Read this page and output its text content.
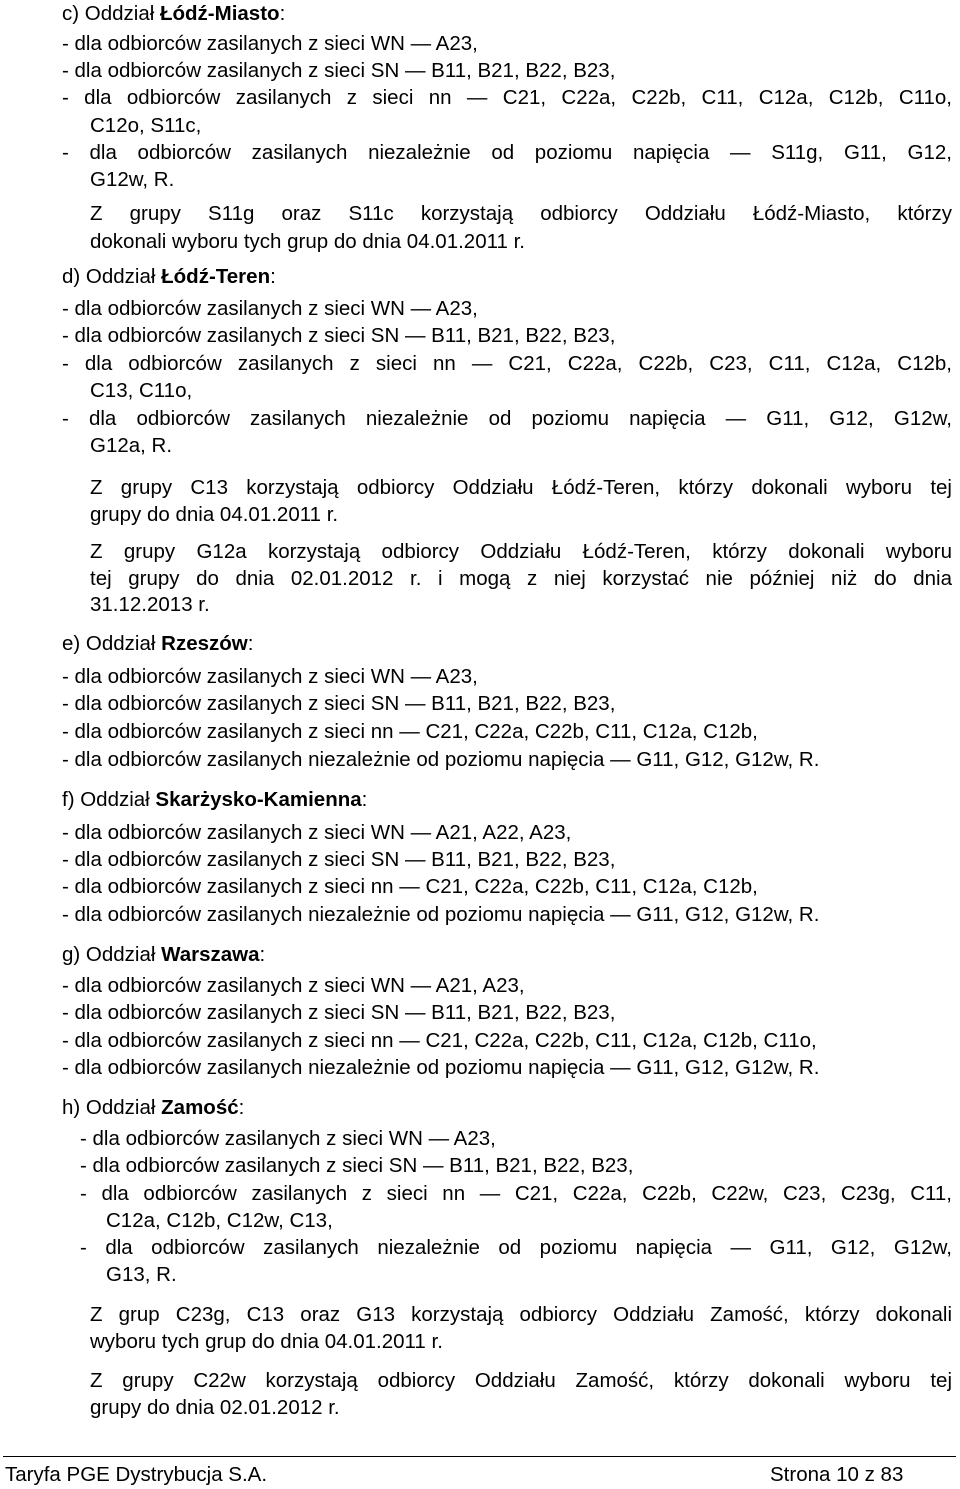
c) Oddział Łódź-Miasto:
- dla odbiorców zasilanych z sieci WN — A23,
- dla odbiorców zasilanych z sieci SN — B11, B21, B22, B23,
- dla odbiorców zasilanych z sieci nn — C21, C22a, C22b, C11, C12a, C12b, C11o,
C12o, S11c,
- dla odbiorców zasilanych niezależnie od poziomu napięcia — S11g, G11, G12,
G12w, R.
Z grupy S11g oraz S11c korzystają odbiorcy Oddziału Łódź-Miasto, którzy
dokonali wyboru tych grup do dnia 04.01.2011 r.
d) Oddział Łódź-Teren:
- dla odbiorców zasilanych z sieci WN — A23,
- dla odbiorców zasilanych z sieci SN — B11, B21, B22, B23,
- dla odbiorców zasilanych z sieci nn — C21, C22a, C22b, C23, C11, C12a, C12b,
C13, C11o,
- dla odbiorców zasilanych niezależnie od poziomu napięcia — G11, G12, G12w,
G12a, R.
Z grupy C13 korzystają odbiorcy Oddziału Łódź-Teren, którzy dokonali wyboru tej
grupy do dnia 04.01.2011 r.
Z grupy G12a korzystają odbiorcy Oddziału Łódź-Teren, którzy dokonali wyboru
tej grupy do dnia 02.01.2012 r. i mogą z niej korzystać nie później niż do dnia
31.12.2013 r.
e) Oddział Rzeszów:
- dla odbiorców zasilanych z sieci WN — A23,
- dla odbiorców zasilanych z sieci SN — B11, B21, B22, B23,
- dla odbiorców zasilanych z sieci nn — C21, C22a, C22b, C11, C12a, C12b,
- dla odbiorców zasilanych niezależnie od poziomu napięcia — G11, G12, G12w, R.
f) Oddział Skarżysko-Kamienna:
- dla odbiorców zasilanych z sieci WN — A21, A22, A23,
- dla odbiorców zasilanych z sieci SN — B11, B21, B22, B23,
- dla odbiorców zasilanych z sieci nn — C21, C22a, C22b, C11, C12a, C12b,
- dla odbiorców zasilanych niezależnie od poziomu napięcia — G11, G12, G12w, R.
g) Oddział Warszawa:
- dla odbiorców zasilanych z sieci WN — A21, A23,
- dla odbiorców zasilanych z sieci SN — B11, B21, B22, B23,
- dla odbiorców zasilanych z sieci nn — C21, C22a, C22b, C11, C12a, C12b, C11o,
- dla odbiorców zasilanych niezależnie od poziomu napięcia — G11, G12, G12w, R.
h) Oddział Zamość:
- dla odbiorców zasilanych z sieci WN — A23,
- dla odbiorców zasilanych z sieci SN — B11, B21, B22, B23,
- dla odbiorców zasilanych z sieci nn — C21, C22a, C22b, C22w, C23, C23g, C11,
C12a, C12b, C12w, C13,
- dla odbiorców zasilanych niezależnie od poziomu napięcia — G11, G12, G12w,
G13, R.
Z grup C23g, C13 oraz G13 korzystają odbiorcy Oddziału Zamość, którzy dokonali
wyboru tych grup do dnia 04.01.2011 r.
Z grupy C22w korzystają odbiorcy Oddziału Zamość, którzy dokonali wyboru tej
grupy do dnia 02.01.2012 r.
Taryfa PGE Dystrybucja S.A.	Strona 10 z 83
